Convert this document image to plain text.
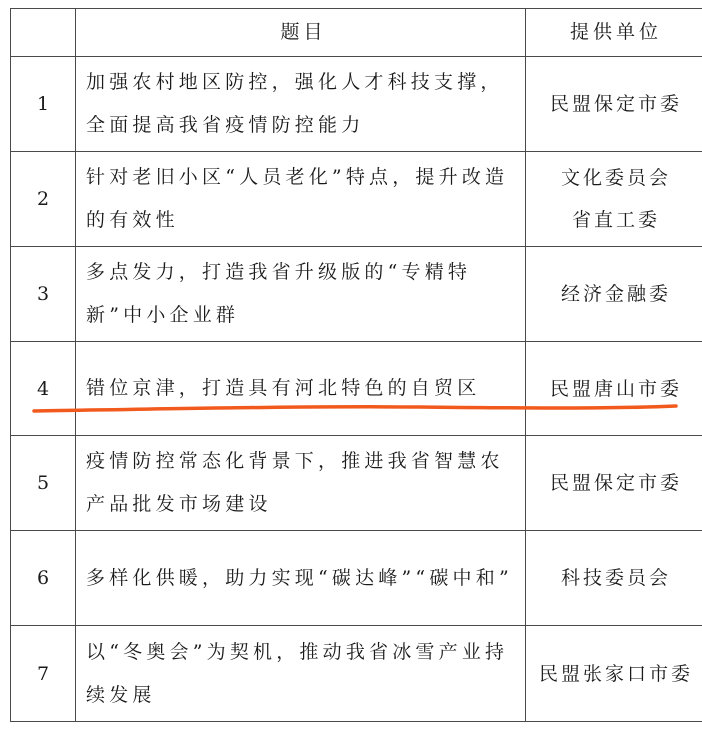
	题目	提供单位
1	加强农村地区防控，强化人才科技支撑，全面提高我省疫情防控能力	民盟保定市委

2	针对老旧小区“人员老化”特点，提升改造的有效性	文化委员会
省直工委

3	多点发力，打造我省升级版的“专精特新”中小企业群	经济金融委

4	错位京津，打造具有河北特色的自贸区	民盟唐山市委

5	疫情防控常态化背景下，推进我省智慧农产品批发市场建设	民盟保定市委

6	多样化供暖，助力实现“碳达峰”“碳中和”	科技委员会

7	以“冬奥会”为契机，推动我省冰雪产业持续发展	民盟张家口市委
